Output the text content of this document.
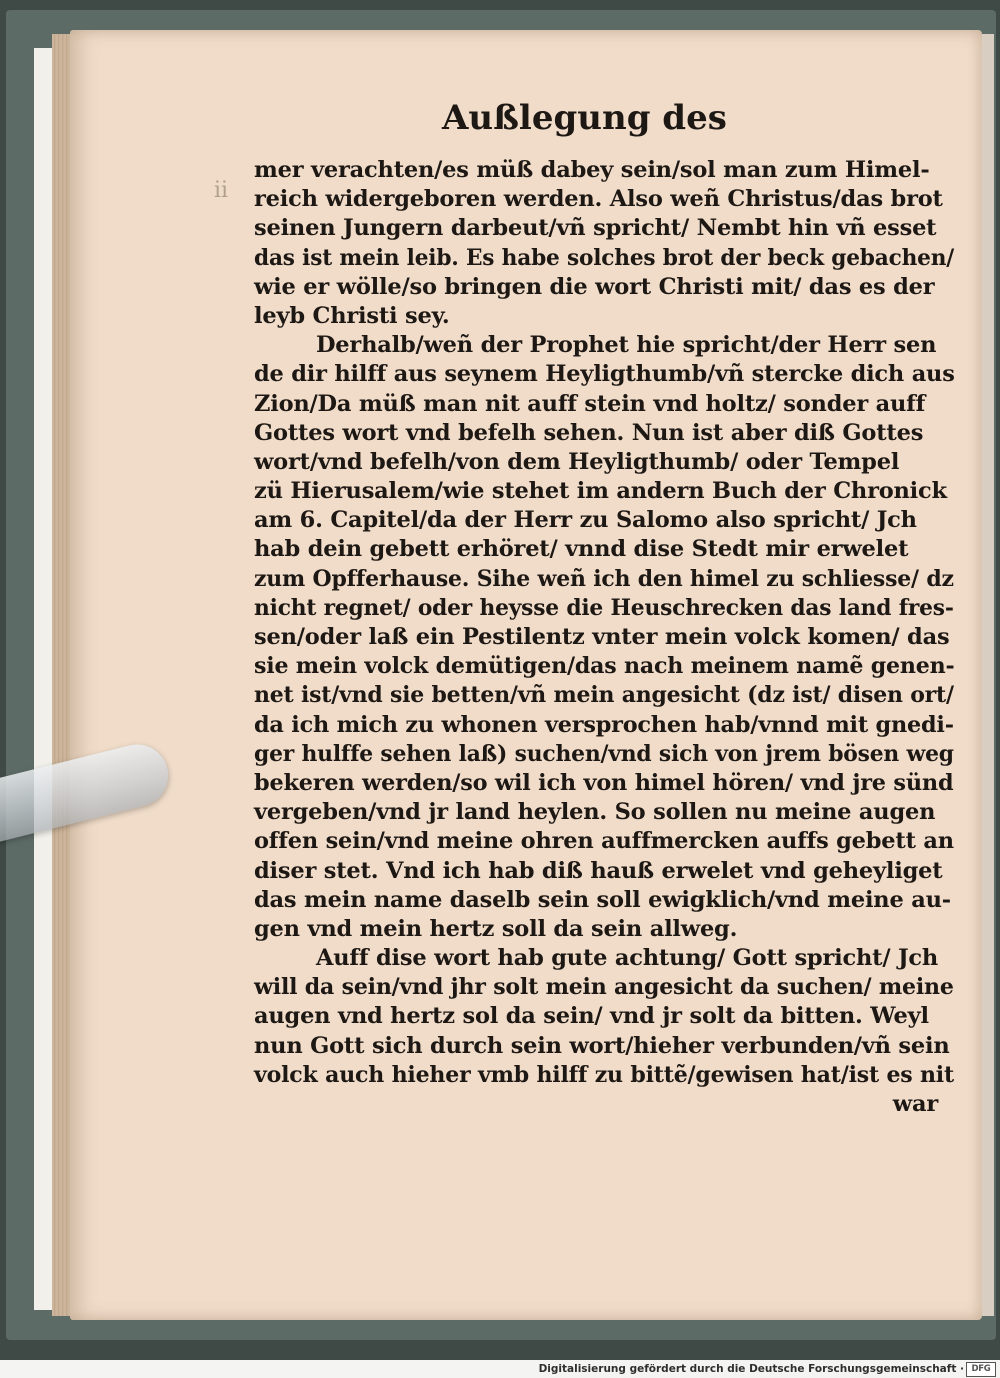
ii
Außlegung des
mer verachten/es müß dabey sein/sol man zum Himel-
reich widergeboren werden. Also weñ Christus/das brot
seinen Jungern darbeut/vñ spricht/ Nembt hin vñ esset
das ist mein leib. Es habe solches brot der beck gebachen/
wie er wölle/so bringen die wort Christi mit/ das es der
leyb Christi sey.
Derhalb/weñ der Prophet hie spricht/der Herr sen
de dir hilff aus seynem Heyligthumb/vñ stercke dich aus
Zion/Da müß man nit auff stein vnd holtz/ sonder auff
Gottes wort vnd befelh sehen. Nun ist aber diß Gottes
wort/vnd befelh/von dem Heyligthumb/ oder Tempel
zü Hierusalem/wie stehet im andern Buch der Chronick
am 6. Capitel/da der Herr zu Salomo also spricht/ Jch
hab dein gebett erhöret/ vnnd dise Stedt mir erwelet
zum Opfferhause. Sihe weñ ich den himel zu schliesse/ dz
nicht regnet/ oder heysse die Heuschrecken das land fres-
sen/oder laß ein Pestilentz vnter mein volck komen/ das
sie mein volck demütigen/das nach meinem namẽ genen-
net ist/vnd sie betten/vñ mein angesicht (dz ist/ disen ort/
da ich mich zu whonen versprochen hab/vnnd mit gnedi-
ger hulffe sehen laß) suchen/vnd sich von jrem bösen weg
bekeren werden/so wil ich von himel hören/ vnd jre sünd
vergeben/vnd jr land heylen. So sollen nu meine augen
offen sein/vnd meine ohren auffmercken auffs gebett an
diser stet. Vnd ich hab diß hauß erwelet vnd geheyliget
das mein name daselb sein soll ewigklich/vnd meine au-
gen vnd mein hertz soll da sein allweg.
Auff dise wort hab gute achtung/ Gott spricht/ Jch
will da sein/vnd jhr solt mein angesicht da suchen/ meine
augen vnd hertz sol da sein/ vnd jr solt da bitten. Weyl
nun Gott sich durch sein wort/hieher verbunden/vñ sein
volck auch hieher vmb hilff zu bittẽ/gewisen hat/ist es nit
war
Digitalisierung gefördert durch die Deutsche Forschungsgemeinschaft · DFG
